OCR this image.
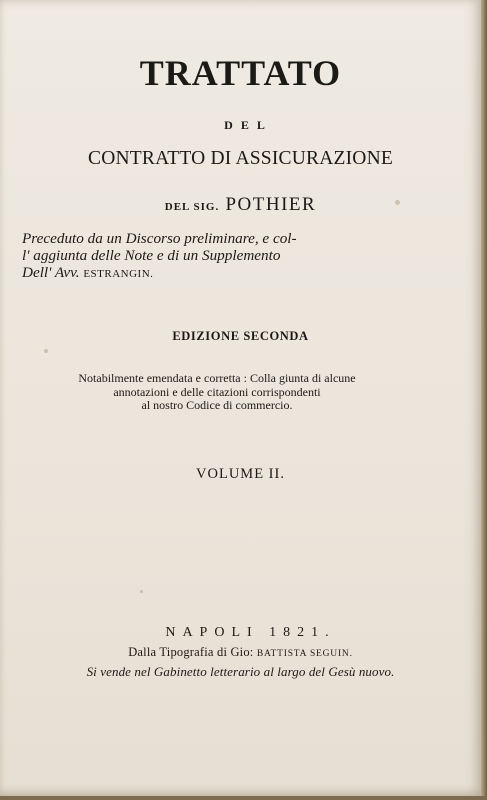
TRATTATO
DEL
CONTRATTO DI ASSICURAZIONE
DEL SIG. POTHIER
Preceduto da un Discorso preliminare, e col-
l' aggiunta delle Note e di un Supplemento
Dell' Avv. ESTRANGIN.
EDIZIONE SECONDA
Notabilmente emendata e corretta : Colla giunta di alcune
annotazioni e delle citazioni corrispondenti
al nostro Codice di commercio.
VOLUME II.
NAPOLI 1821.
Dalla Tipografia di Gio: BATTISTA SEGUIN.
Si vende nel Gabinetto letterario al largo del Gesù nuovo.
